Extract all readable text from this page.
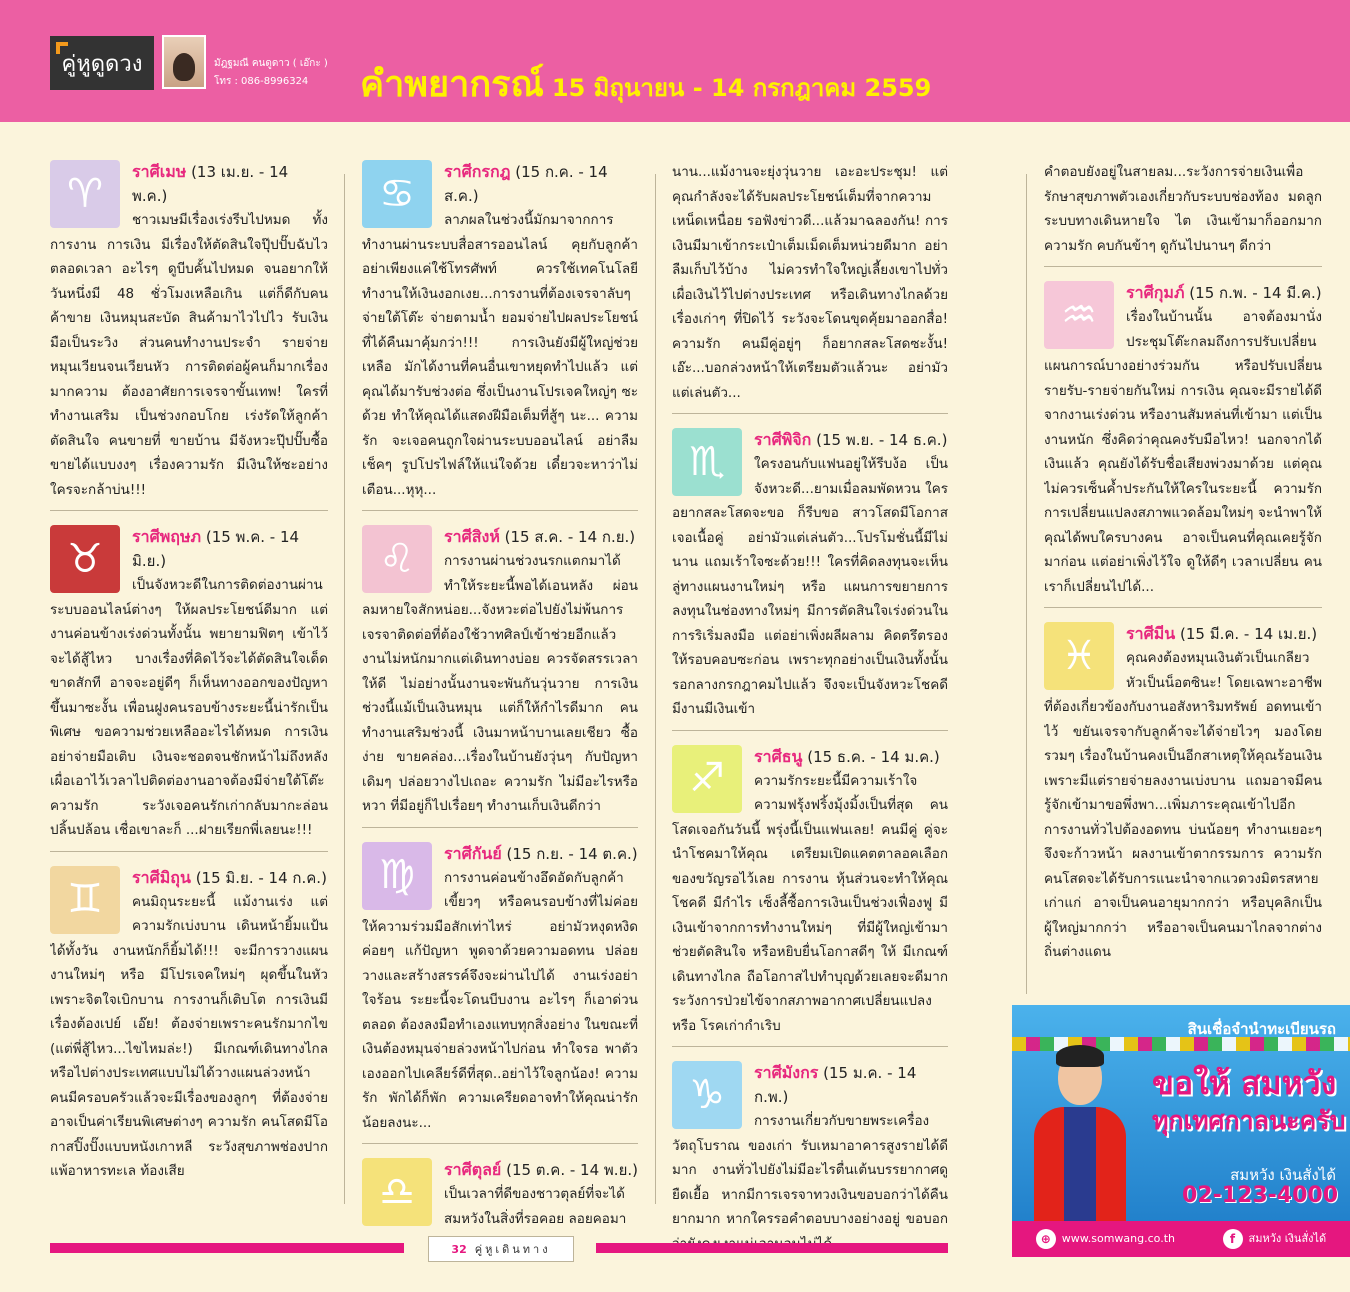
คู่หูดูดวง	มัฎฐมณี คนดูดาว ( เอ๊กะ )
โทร : 086-8996324 คำพยากรณ์ 15 มิถุนายน - 14 กรกฎาคม 2559
♈	ราศีเมษ (13 เม.ย. - 14 พ.ค.)

ชาวเมษมีเรื่องเร่งรีบไปหมด ทั้งการงาน การเงิน มีเรื่องให้ตัดสินใจปุ๊ปปั๊บฉับไวตลอดเวลา อะไรๆ ดูบีบคั้นไปหมด จนอยากให้วันหนึ่งมี 48 ชั่วโมงเหลือเกิน แต่ก็ดีกับคนค้าขาย เงินหมุนสะบัด สินค้ามาไวไปไว รับเงินมือเป็นระวิง ส่วนคนทำงานประจำ รายจ่ายหมุนเวียนจนเวียนหัว การติดต่อผู้คนก็มากเรื่องมากความ ต้องอาศัยการเจรจาขั้นเทพ! ใครที่ทำงานเสริม เป็นช่วงกอบโกย เร่งรัดให้ลูกค้าตัดสินใจ คนขายที่ ขายบ้าน มีจังหวะปุ๊ปปั๊บซื้อขายได้แบบงงๆ เรื่องความรัก มีเงินให้ซะอย่าง ใครจะกล้าบ่น!!!

♉	ราศีพฤษภ (15 พ.ค. - 14 มิ.ย.)

เป็นจังหวะดีในการติดต่องานผ่านระบบออนไลน์ต่างๆ ให้ผลประโยชน์ดีมาก แต่งานค่อนข้างเร่งด่วนทั้งนั้น พยายามฟิตๆ เข้าไว้ จะได้สู้ไหว บางเรื่องที่คิดไว้จะได้ตัดสินใจเด็ดขาดสักที อาจจะอยู่ดีๆ ก็เห็นทางออกของปัญหาขึ้นมาซะงั้น เพื่อนฝูงคนรอบข้างระยะนี้น่ารักเป็นพิเศษ ขอความช่วยเหลืออะไรได้หมด การเงิน อย่าจ่ายมือเติบ เงินจะชอตจนชักหน้าไม่ถึงหลัง เผื่อเอาไว้เวลาไปติดต่องานอาจต้องมีจ่ายใต้โต๊ะ ความรัก ระวังเจอคนรักเก่ากลับมากะล่อน ปลิ้นปล้อน เชื่อเขาละก็ ...ฝายเรียกพี่เลยนะ!!!

♊	ราศีมิถุน (15 มิ.ย. - 14 ก.ค.)

คนมิถุนระยะนี้ แม้งานเร่ง แต่ความรักเบ่งบาน เดินหน้ายิ้มแป้นได้ทั้งวัน งานหนักก็ยิ้มได้!!! จะมีการวางแผนงานใหม่ๆ หรือ มีโปรเจคใหม่ๆ ผุดขึ้นในหัว เพราะจิตใจเบิกบาน การงานก็เติบโต การเงินมีเรื่องต้องเปย์ เอ๊ย! ต้องจ่ายเพราะคนรักมากไข (แต่พี่สู้ไหว...ไขไหมล่ะ!) มีเกณฑ์เดินทางไกล หรือไปต่างประเทศแบบไม่ได้วางแผนล่วงหน้า คนมีครอบครัวแล้วจะมีเรื่องของลูกๆ ที่ต้องจ่ายอาจเป็นค่าเรียนพิเศษต่างๆ ความรัก คนโสดมีโอกาสปิ๊งปั๊งแบบหนังเกาหลี ระวังสุขภาพช่องปาก แพ้อาหารทะเล ท้องเสีย

♋	ราศีกรกฎ (15 ก.ค. - 14 ส.ค.)

ลาภผลในช่วงนี้มักมาจากการทำงานผ่านระบบสื่อสารออนไลน์ คุยกับลูกค้าอย่าเพียงแค่ใช้โทรศัพท์ ควรใช้เทคโนโลยีทำงานให้เงินงอกเงย...การงานที่ต้องเจรจาลับๆ จ่ายใต้โต๊ะ จ่ายตามน้ำ ยอมจ่ายไปผลประโยชน์ที่ได้คืนมาคุ้มกว่า!!! การเงินยังมีผู้ใหญ่ช่วยเหลือ มักได้งานที่คนอื่นเขาหยุดทำไปแล้ว แต่คุณได้มารับช่วงต่อ ซึ่งเป็นงานโปรเจคใหญ่ๆ ซะด้วย ทำให้คุณได้แสดงฝีมือเต็มที่สู้ๆ นะ... ความรัก จะเจอคนถูกใจผ่านระบบออนไลน์ อย่าลืมเช็คๆ รูปโปรไฟล์ให้แน่ใจด้วย เดี๋ยวจะหาว่าไม่เตือน...หุหุ...

♌	ราศีสิงห์ (15 ส.ค. - 14 ก.ย.)

การงานผ่านช่วงนรกแตกมาได้ ทำให้ระยะนี้พอได้เอนหลัง ผ่อนลมหายใจสักหน่อย...จังหวะต่อไปยังไม่พ้นการเจรจาติดต่อที่ต้องใช้วาทศิลป์เข้าช่วยอีกแล้ว งานไม่หนักมากแต่เดินทางบ่อย ควรจัดสรรเวลาให้ดี ไม่อย่างนั้นงานจะพันกันวุ่นวาย การเงินช่วงนี้แม้เป็นเงินหมุน แต่ก็ให้กำไรดีมาก คนทำงานเสริมช่วงนี้ เงินมาหน้าบานเลยเชียว ซื้อง่าย ขายคล่อง...เรื่องในบ้านยังวุ่นๆ กับปัญหาเดิมๆ ปล่อยวางไปเถอะ ความรัก ไม่มีอะไรหรือหวา ที่มีอยู่ก็ไปเรื่อยๆ ทำงานเก็บเงินดีกว่า

♍	ราศีกันย์ (15 ก.ย. - 14 ต.ค.)

การงานค่อนข้างอึดอัดกับลูกค้าเขี้ยวๆ หรือคนรอบข้างที่ไม่ค่อยให้ความร่วมมือสักเท่าไหร่ อย่ามัวหงุดหงิด ค่อยๆ แก้ปัญหา พูดจาด้วยความอดทน ปล่อยวางและสร้างสรรค์จึงจะผ่านไปได้ งานเร่งอย่าใจร้อน ระยะนี้จะโดนบีบงาน อะไรๆ ก็เอาด่วนตลอด ต้องลงมือทำเองแทบทุกสิ่งอย่าง ในขณะที่เงินต้องหมุนจ่ายล่วงหน้าไปก่อน ทำใจรอ พาตัวเองออกไปเคลียร์ดีที่สุด..อย่าไว้ใจลูกน้อง! ความรัก พักได้ก็พัก ความเครียดอาจทำให้คุณน่ารักน้อยลงนะ...

♎	ราศีตุลย์ (15 ต.ค. - 14 พ.ย.)

เป็นเวลาที่ดีของชาวตุลย์ที่จะได้สมหวังในสิ่งที่รอคอย ลอยคอมา

นาน...แม้งานจะยุ่งวุ่นวาย เอะอะประชุม! แต่คุณกำลังจะได้รับผลประโยชน์เต็มที่จากความเหน็ดเหนื่อย รอฟังข่าวดี...แล้วมาฉลองกัน! การเงินมีมาเข้ากระเป๋าเต็มเม็ดเต็มหน่วยดีมาก อย่าลืมเก็บไว้บ้าง ไม่ควรทำใจใหญ่เลี้ยงเขาไปทั่ว เผื่อเงินไว้ไปต่างประเทศ หรือเดินทางไกลด้วย เรื่องเก่าๆ ที่ปิดไว้ ระวังจะโดนขุดคุ้ยมาออกสื่อ! ความรัก คนมีคู่อยู่ๆ ก็อยากสละโสดซะงั้น! เอ๊ะ...บอกล่วงหน้าให้เตรียมตัวแล้วนะ อย่ามัวแต่เล่นตัว...

♏	ราศีพิจิก (15 พ.ย. - 14 ธ.ค.)

ใครงอนกับแฟนอยู่ให้รีบง้อ เป็นจังหวะดี...ยามเมื่อลมพัดหวน ใครอยากสละโสดจะขอ ก็รีบขอ สาวโสดมีโอกาสเจอเนื้อคู่ อย่ามัวแต่เล่นตัว...โปรโมชั่นนี้มีไม่นาน แถมเร้าใจซะด้วย!!! ใครที่คิดลงทุนจะเห็นลู่ทางแผนงานใหม่ๆ หรือ แผนการขยายการลงทุนในช่องทางใหม่ๆ มีการตัดสินใจเร่งด่วนในการริเริ่มลงมือ แต่อย่าเพิ่งผลีผลาม คิดตรึตรองให้รอบคอบซะก่อน เพราะทุกอย่างเป็นเงินทั้งนั้น รอกลางกรกฎาคมไปแล้ว จึงจะเป็นจังหวะโชคดี มีงานมีเงินเข้า

♐	ราศีธนู (15 ธ.ค. - 14 ม.ค.)

ความรักระยะนี้มีความเร้าใจความฟรุ้งฟริ้งมุ้งมิ้งเป็นที่สุด คนโสดเจอกันวันนี้ พรุ่งนี้เป็นแฟนเลย! คนมีคู่ คู่จะนำโชคมาให้คุณ เตรียมเปิดแคตตาลอคเลือกของขวัญรอไว้เลย การงาน หุ้นส่วนจะทำให้คุณโชคดี มีกำไร เซ็งลี้ซื้อการเงินเป็นช่วงเฟื่องฟู มีเงินเข้าจากการทำงานใหม่ๆ ที่มีผู้ใหญ่เข้ามาช่วยตัดสินใจ หรือหยิบยื่นโอกาสดีๆ ให้ มีเกณฑ์เดินทางไกล ถือโอกาสไปทำบุญด้วยเลยจะดีมาก ระวังการป่วยไข้จากสภาพอากาศเปลี่ยนแปลง หรือ โรคเก่ากำเริบ

♑	ราศีมังกร (15 ม.ค. - 14 ก.พ.)

การงานเกี่ยวกับขายพระเครื่องวัตถุโบราณ ของเก่า รับเหมาอาคารสูงรายได้ดีมาก งานทั่วไปยังไม่มีอะไรตื่นเต้นบรรยากาศดูยืดเยื้อ หากมีการเจรจาทวงเงินขอบอกว่าได้คืนยากมาก หากใครรอคำตอบบางอย่างอยู่ ขอบอก

คำตอบยังอยู่ในสายลม...ระวังการจ่ายเงินเพื่อรักษาสุขภาพตัวเองเกี่ยวกับระบบช่องท้อง มดลูก ระบบทางเดินหายใจ ไต เงินเข้ามาก็ออกมาก ความรัก คบกันข้าๆ ดูกันไปนานๆ ดีกว่า

♒	ราศีกุมภ์ (15 ก.พ. - 14 มี.ค.)

เรื่องในบ้านนั้น อาจต้องมานั่งประชุมโต๊ะกลมถึงการปรับเปลี่ยนแผนการณ์บางอย่างร่วมกัน หรือปรับเปลี่ยนรายรับ-รายจ่ายกันใหม่ การเงิน คุณจะมีรายได้ดีจากงานเร่งด่วน หรืองานสัมหล่นที่เข้ามา แต่เป็นงานหนัก ซึ่งคิดว่าคุณคงรับมือไหว! นอกจากได้เงินแล้ว คุณยังได้รับชื่อเสียงพ่วงมาด้วย แต่คุณไม่ควรเซ็นค้ำประกันให้ใครในระยะนี้ ความรัก การเปลี่ยนแปลงสภาพแวดล้อมใหม่ๆ จะนำพาให้คุณได้พบใครบางคน อาจเป็นคนที่คุณเคยรู้จักมาก่อน แต่อย่าเพิ่งไว้ใจ ดูให้ดีๆ เวลาเปลี่ยน คนเราก็เปลี่ยนไปได้...

♓	ราศีมีน (15 มี.ค. - 14 เม.ย.)

คุณคงต้องหมุนเงินตัวเป็นเกลียวหัวเป็นน็อตซินะ! โดยเฉพาะอาชีพที่ต้องเกี่ยวข้องกับงานอสังหาริมทรัพย์ อดทนเข้าไว้ ขยันเจรจากับลูกค้าจะได้จ่ายไวๆ มองโดยรวมๆ เรื่องในบ้านคงเป็นอีกสาเหตุให้คุณร้อนเงินเพราะมีแต่รายจ่ายลงงานเบ่งบาน แถมอาจมีคนรู้จักเข้ามาขอพึ่งพา...เพิ่มภาระคุณเข้าไปอีก การงานทั่วไปต้องอดทน บ่นน้อยๆ ทำงานเยอะๆ จึงจะก้าวหน้า ผลงานเข้าตากรรมการ ความรักคนโสดจะได้รับการแนะนำจากแวดวงมิตรสหายเก่าแก่ อาจเป็นคนอายุมากกว่า หรือบุคลิกเป็นผู้ใหญ่มากกว่า หรืออาจเป็นคนมาไกลจากต่างถิ่นต่างแดน

สินเชื่อจำนำทะเบียนรถ
ขอให้ สมหวัง
ทุกเทศกาลนะครับ
สมหวัง เงินสั่งได้
02-123-4000
⊕ www.somwang.co.th	f สมหวัง เงินสั่งได้
32 คู่หูเดินทาง
